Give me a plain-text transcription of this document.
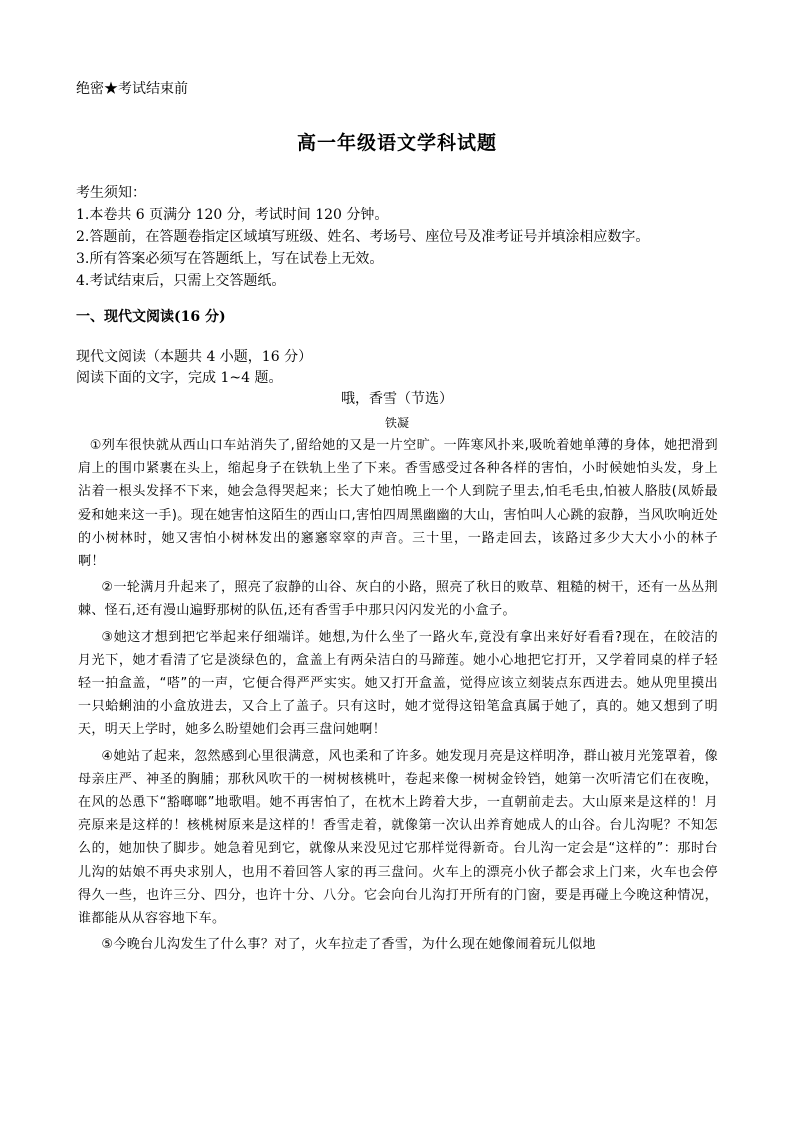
绝密★考试结束前
高一年级语文学科试题
考生须知：
1.本卷共 6 页满分 120 分，考试时间 120 分钟。
2.答题前，在答题卷指定区域填写班级、姓名、考场号、座位号及准考证号并填涂相应数字。
3.所有答案必须写在答题纸上，写在试卷上无效。
4.考试结束后，只需上交答题纸。
一、现代文阅读(16 分)
现代文阅读（本题共 4 小题，16 分）
阅读下面的文字，完成 1~4 题。
哦，香雪（节选）
铁凝

①列车很快就从西山口车站消失了,留给她的又是一片空旷。一阵寒风扑来,吸吮着她单薄的身体，她把滑到肩上的围巾紧裹在头上，缩起身子在铁轨上坐了下来。香雪感受过各种各样的害怕，小时候她怕头发，身上沾着一根头发择不下来，她会急得哭起来；长大了她怕晚上一个人到院子里去,怕毛毛虫,怕被人胳肢(凤娇最爱和她来这一手)。现在她害怕这陌生的西山口,害怕四周黑幽幽的大山，害怕叫人心跳的寂静，当风吹响近处的小树林时，她又害怕小树林发出的窸窸窣窣的声音。三十里，一路走回去，该路过多少大大小小的林子啊！

②一轮满月升起来了，照亮了寂静的山谷、灰白的小路，照亮了秋日的败草、粗糙的树干，还有一丛丛荆棘、怪石,还有漫山遍野那树的队伍,还有香雪手中那只闪闪发光的小盒子。

③她这才想到把它举起来仔细端详。她想,为什么坐了一路火车,竟没有拿出来好好看看?现在，在皎洁的月光下，她才看清了它是淡绿色的，盒盖上有两朵洁白的马蹄莲。她小心地把它打开，又学着同桌的样子轻轻一拍盒盖，“嗒”的一声，它便合得严严实实。她又打开盒盖，觉得应该立刻装点东西进去。她从兜里摸出一只蛤蜊油的小盒放进去，又合上了盖子。只有这时，她才觉得这铅笔盒真属于她了，真的。她又想到了明天，明天上学时，她多么盼望她们会再三盘问她啊！

④她站了起来，忽然感到心里很满意，风也柔和了许多。她发现月亮是这样明净，群山被月光笼罩着，像母亲庄严、神圣的胸脯；那秋风吹干的一树树核桃叶，卷起来像一树树金铃铛，她第一次听清它们在夜晚，在风的怂恿下“豁啷啷”地歌唱。她不再害怕了，在枕木上跨着大步，一直朝前走去。大山原来是这样的！月亮原来是这样的！核桃树原来是这样的！香雪走着，就像第一次认出养育她成人的山谷。台儿沟呢？不知怎么的，她加快了脚步。她急着见到它，就像从来没见过它那样觉得新奇。台儿沟一定会是“这样的”：那时台儿沟的姑娘不再央求别人，也用不着回答人家的再三盘问。火车上的漂亮小伙子都会求上门来，火车也会停得久一些，也许三分、四分，也许十分、八分。它会向台儿沟打开所有的门窗，要是再碰上今晚这种情况，谁都能从从容容地下车。

⑤今晚台儿沟发生了什么事？对了，火车拉走了香雪，为什么现在她像闹着玩儿似地
